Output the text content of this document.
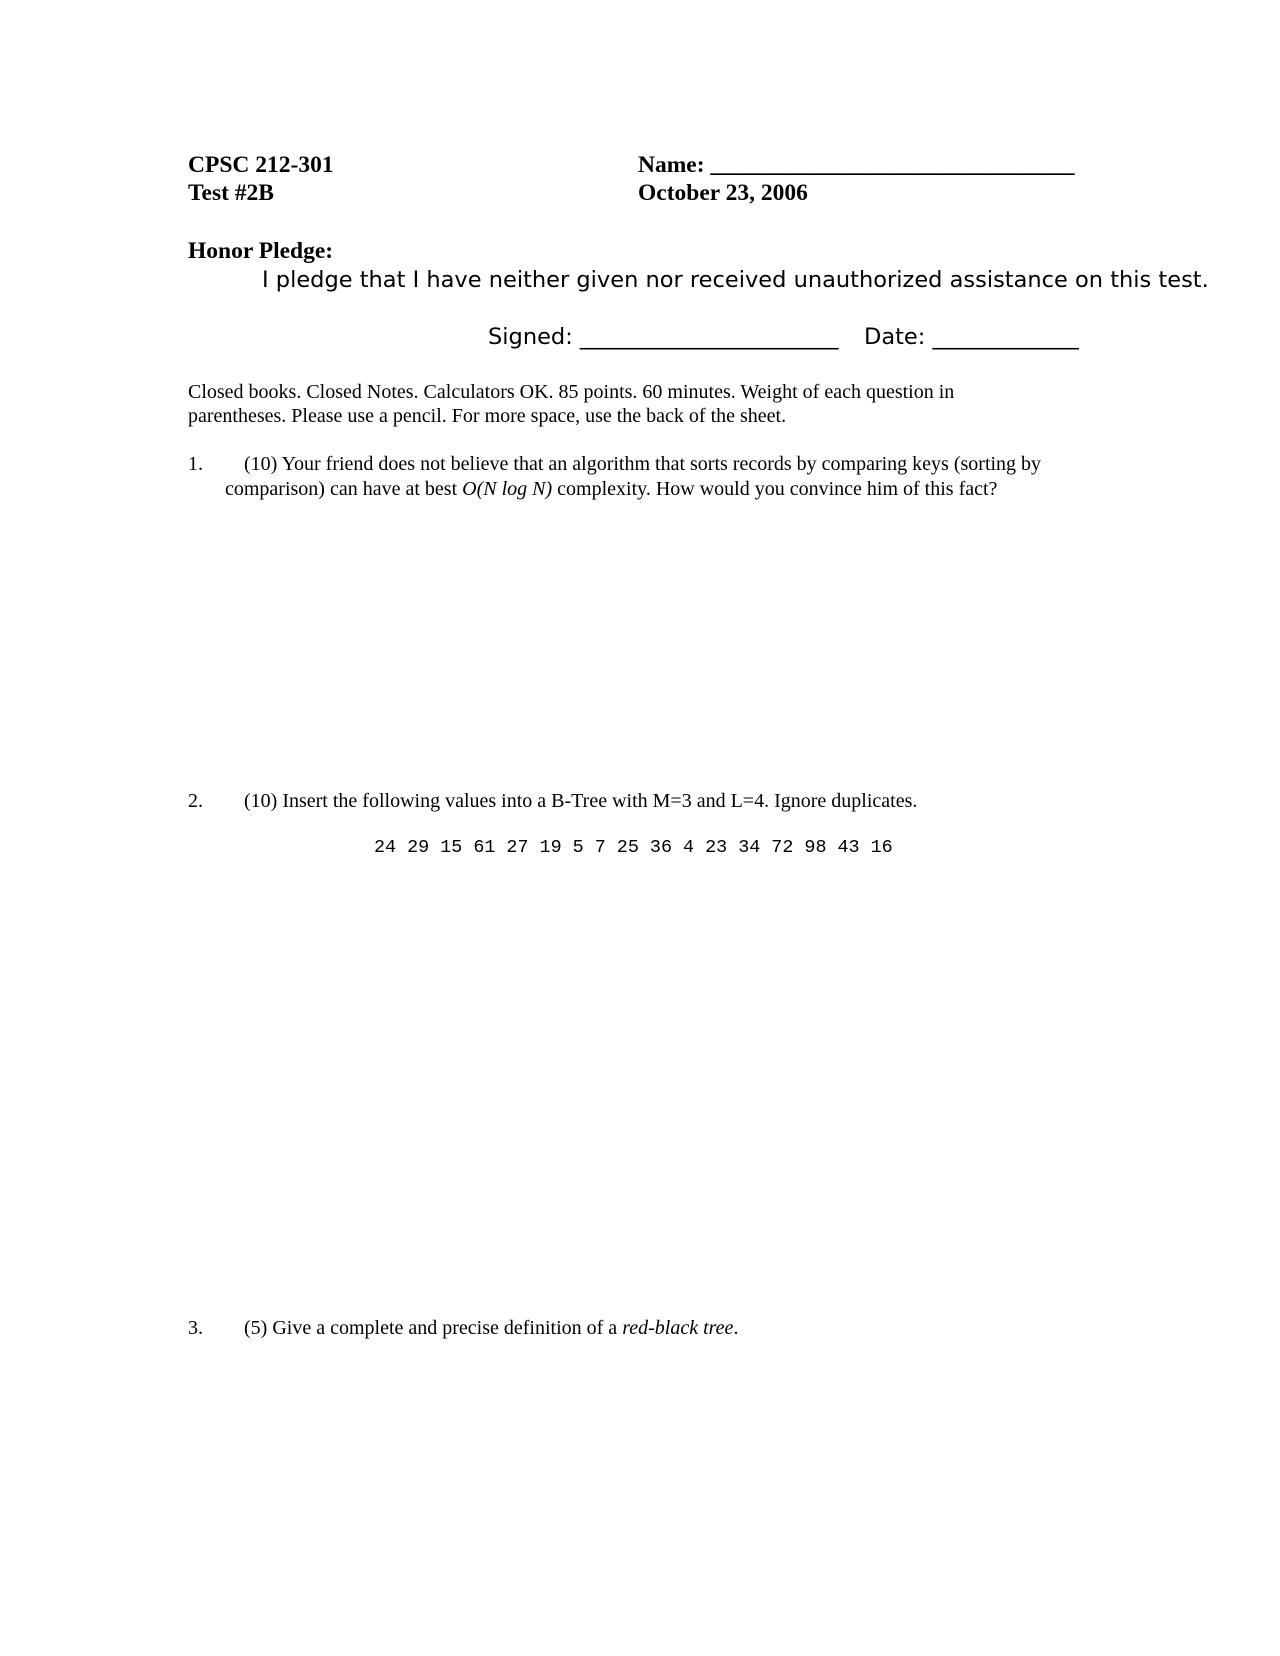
CPSC 212-301
Test #2B
Name: _______________________________
October 23, 2006
Honor Pledge:
I pledge that I have neither given nor received unauthorized assistance on this test.
Signed: _______________________ Date: _____________
Closed books. Closed Notes. Calculators OK. 85 points. 60 minutes. Weight of each question in
parentheses. Please use a pencil. For more space, use the back of the sheet.
1. (10) Your friend does not believe that an algorithm that sorts records by comparing keys (sorting by
comparison) can have at best O(N log N) complexity. How would you convince him of this fact?
2. (10) Insert the following values into a B-Tree with M=3 and L=4. Ignore duplicates.
24 29 15 61 27 19 5 7 25 36 4 23 34 72 98 43 16
3. (5) Give a complete and precise definition of a red-black tree.
